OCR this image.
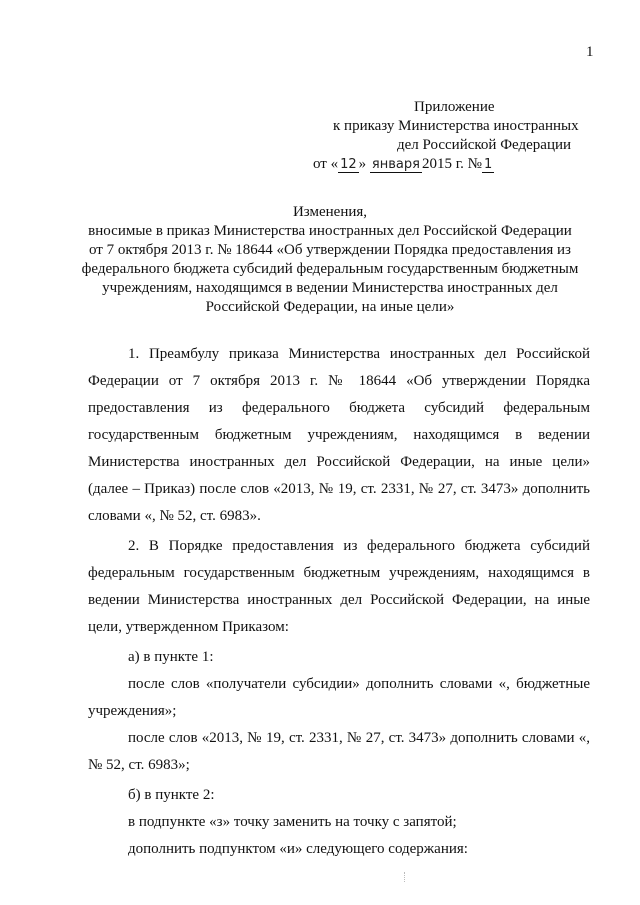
1
Приложение
к приказу Министерства иностранных
дел Российской Федерации
от « 12 » января 2015 г. № 1
Изменения,
вносимые в приказ Министерства иностранных дел Российской Федерации
от 7 октября 2013 г. № 18644 «Об утверждении Порядка предоставления из
федерального бюджета субсидий федеральным государственным бюджетным
учреждениям, находящимся в ведении Министерства иностранных дел
Российской Федерации, на иные цели»
1. Преамбулу приказа Министерства иностранных дел Российской
Федерации от 7 октября 2013 г. № 18644 «Об утверждении Порядка
предоставления из федерального бюджета субсидий федеральным
государственным бюджетным учреждениям, находящимся в ведении
Министерства иностранных дел Российской Федерации, на иные цели»
(далее – Приказ) после слов «2013, № 19, ст. 2331, № 27, ст. 3473» дополнить
словами «, № 52, ст. 6983».
2. В Порядке предоставления из федерального бюджета субсидий
федеральным государственным бюджетным учреждениям, находящимся в
ведении Министерства иностранных дел Российской Федерации, на иные
цели, утвержденном Приказом:
а) в пункте 1:
после слов «получатели субсидии» дополнить словами «, бюджетные
учреждения»;
после слов «2013, № 19, ст. 2331, № 27, ст. 3473» дополнить словами «,
№ 52, ст. 6983»;
б) в пункте 2:
в подпункте «з» точку заменить на точку с запятой;
дополнить подпунктом «и» следующего содержания:
